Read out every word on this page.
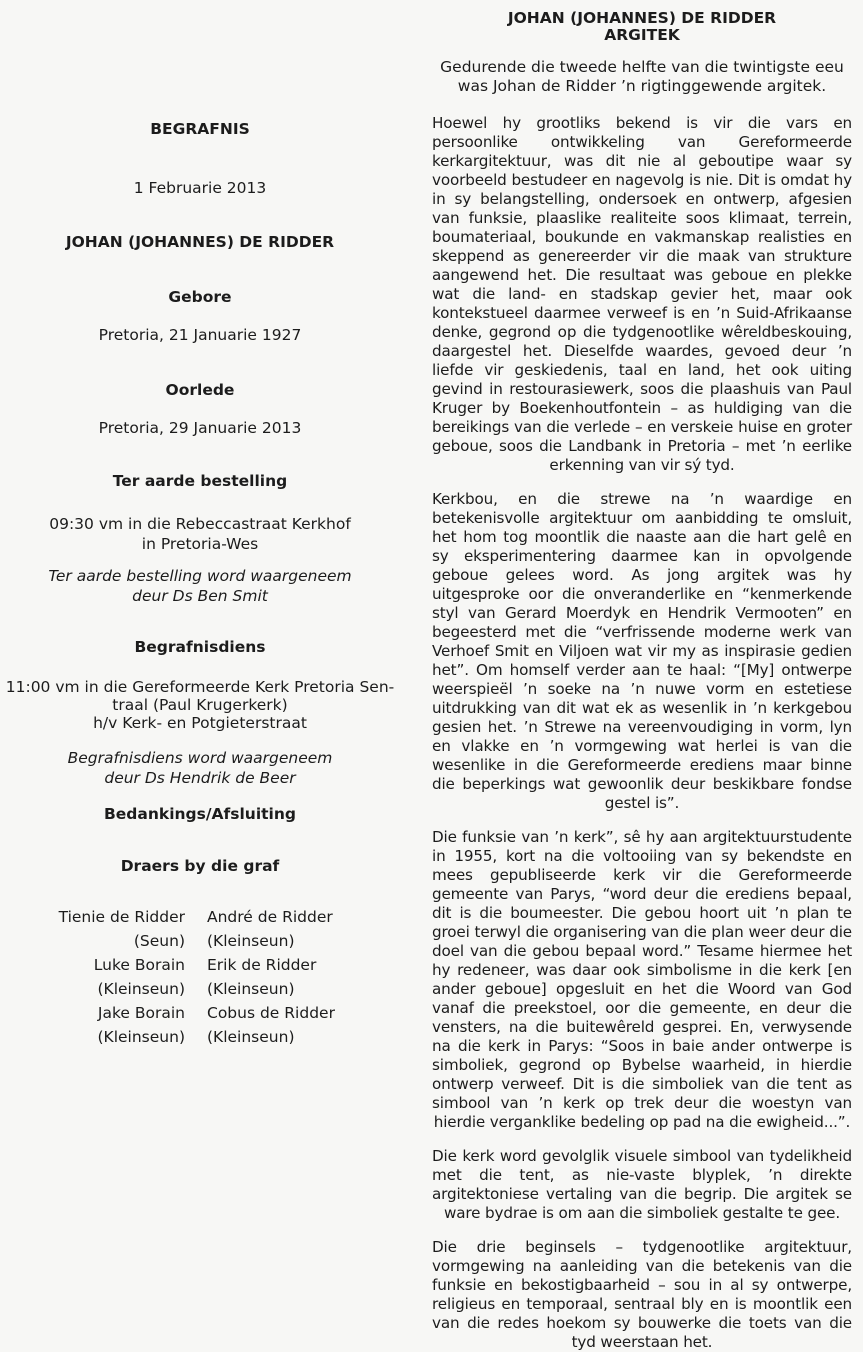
BEGRAFNIS

1 Februarie 2013

JOHAN (JOHANNES) DE RIDDER

Gebore

Pretoria, 21 Januarie 1927

Oorlede

Pretoria, 29 Januarie 2013

Ter aarde bestelling

09:30 vm in die Rebeccastraat Kerkhof

in Pretoria-Wes

Ter aarde bestelling word waargeneem

deur Ds Ben Smit

Begrafnisdiens

11:00 vm in die Gereformeerde Kerk Pretoria Sen-

traal (Paul Krugerkerk)

h/v Kerk- en Potgieterstraat

Begrafnisdiens word waargeneem

deur Ds Hendrik de Beer

Bedankings/Afsluiting

Draers by die graf

Tienie de Ridder André de Ridder
(Seun) (Kleinseun)
Luke Borain Erik de Ridder
(Kleinseun) (Kleinseun)
Jake Borain Cobus de Ridder
(Kleinseun) (Kleinseun)

JOHAN (JOHANNES) DE RIDDER
ARGITEK

Gedurende die tweede helfte van die twintigste eeu was Johan de Ridder ’n rigtinggewende argitek.

Hoewel hy grootliks bekend is vir die vars en persoonlike ontwikkeling van Gereformeerde kerkargitektuur, was dit nie al geboutipe waar sy voorbeeld bestudeer en nagevolg is nie. Dit is omdat hy in sy belangstelling, ondersoek en ontwerp, afgesien van funksie, plaaslike realiteite soos klimaat, terrein, boumateriaal, boukunde en vakmanskap realisties en skeppend as genereerder vir die maak van strukture aangewend het. Die resultaat was geboue en plekke wat die land- en stadskap gevier het, maar ook kontekstueel daarmee verweef is en ’n Suid-Afrikaanse denke, gegrond op die tydgenootlike wêreldbeskouing, daargestel het. Dieselfde waardes, gevoed deur ’n liefde vir geskiedenis, taal en land, het ook uiting gevind in restourasiewerk, soos die plaashuis van Paul Kruger by Boekenhoutfontein – as huldiging van die bereikings van die verlede – en verskeie huise en groter geboue, soos die Landbank in Pretoria – met ’n eerlike erkenning van vir sý tyd.

Kerkbou, en die strewe na ’n waardige en betekenisvolle argitektuur om aanbidding te omsluit, het hom tog moontlik die naaste aan die hart gelê en sy eksperimentering daarmee kan in opvolgende geboue gelees word. As jong argitek was hy uitgesproke oor die onveranderlike en “kenmerkende styl van Gerard Moerdyk en Hendrik Vermooten” en begeesterd met die “verfrissende moderne werk van Verhoef Smit en Viljoen wat vir my as inspirasie gedien het”. Om homself verder aan te haal: “[My] ontwerpe weerspieël ’n soeke na ’n nuwe vorm en estetiese uitdrukking van dit wat ek as wesenlik in ’n kerkgebou gesien het. ’n Strewe na vereenvoudiging in vorm, lyn en vlakke en ’n vormgewing wat herlei is van die wesenlike in die Gereformeerde erediens maar binne die beperkings wat gewoonlik deur beskikbare fondse gestel is”.

Die funksie van ’n kerk”, sê hy aan argitektuurstudente in 1955, kort na die voltooiing van sy bekendste en mees gepubliseerde kerk vir die Gereformeerde gemeente van Parys, “word deur die erediens bepaal, dit is die boumeester. Die gebou hoort uit ’n plan te groei terwyl die organisering van die plan weer deur die doel van die gebou bepaal word.” Tesame hiermee het hy redeneer, was daar ook simbolisme in die kerk [en ander geboue] opgesluit en het die Woord van God vanaf die preekstoel, oor die gemeente, en deur die vensters, na die buitewêreld gesprei. En, verwysende na die kerk in Parys: “Soos in baie ander ontwerpe is simboliek, gegrond op Bybelse waarheid, in hierdie ontwerp verweef. Dit is die simboliek van die tent as simbool van ’n kerk op trek deur die woestyn van hierdie verganklike bedeling op pad na die ewigheid...”.

Die kerk word gevolglik visuele simbool van tydelikheid met die tent, as nie-vaste blyplek, ’n direkte argitektoniese vertaling van die begrip. Die argitek se ware bydrae is om aan die simboliek gestalte te gee.

Die drie beginsels – tydgenootlike argitektuur, vormgewing na aanleiding van die betekenis van die funksie en bekostigbaarheid – sou in al sy ontwerpe, religieus en temporaal, sentraal bly en is moontlik een van die redes hoekom sy bouwerke die toets van die tyd weerstaan het.
